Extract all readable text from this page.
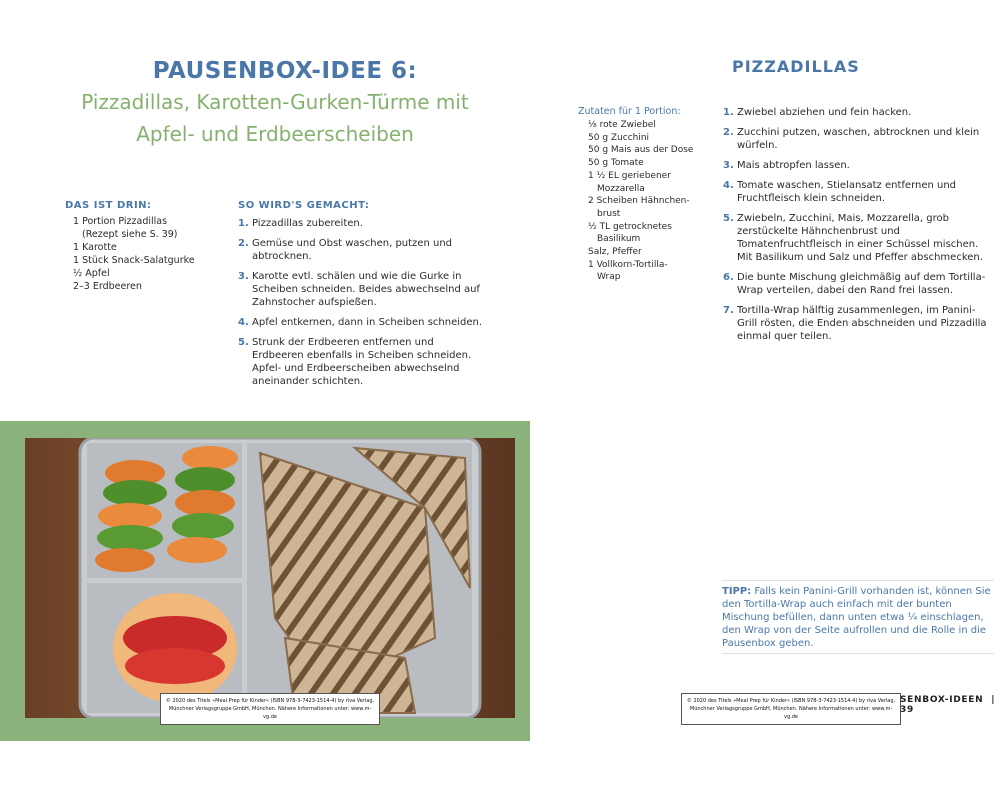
PAUSENBOX-IDEE 6:
Pizzadillas, Karotten-Gurken-Türme mit
Apfel- und Erdbeerscheiben
DAS IST DRIN:
1 Portion Pizzadillas
(Rezept siehe S. 39)
1 Karotte
1 Stück Snack-Salatgurke
½ Apfel
2–3 Erdbeeren
SO WIRD'S GEMACHT:
1. Pizzadillas zubereiten.
2. Gemüse und Obst waschen, putzen und abtrocknen.
3. Karotte evtl. schälen und wie die Gurke in Scheiben schneiden. Beides abwechselnd auf Zahnstocher aufspießen.
4. Apfel entkernen, dann in Scheiben schneiden.
5. Strunk der Erdbeeren entfernen und Erdbeeren ebenfalls in Scheiben schneiden. Apfel- und Erdbeerscheiben abwechselnd aneinander schichten.
© 2020 des Titels »Meal Prep für Kinder« (ISBN 978-3-7423-1514-4) by riva Verlag,
Münchner Verlagsgruppe GmbH, München. Nähere Informationen unter: www.m-vg.de
PIZZADILLAS
Zutaten für 1 Portion:
⅛ rote Zwiebel
50 g Zucchini
50 g Mais aus der Dose
50 g Tomate
1 ½ EL geriebener
Mozzarella
2 Scheiben Hähnchen-
brust
½ TL getrocknetes
Basilikum
Salz, Pfeffer
1 Vollkorn-Tortilla-
Wrap
1. Zwiebel abziehen und fein hacken.
2. Zucchini putzen, waschen, abtrocknen und klein würfeln.
3. Mais abtropfen lassen.
4. Tomate waschen, Stielansatz entfernen und Fruchtfleisch klein schneiden.
5. Zwiebeln, Zucchini, Mais, Mozzarella, grob zerstückelte Hähnchenbrust und Tomatenfruchtfleisch in einer Schüssel mischen. Mit Basilikum und Salz und Pfeffer abschmecken.
6. Die bunte Mischung gleichmäßig auf dem Tortilla-Wrap verteilen, dabei den Rand frei lassen.
7. Tortilla-Wrap hälftig zusammenlegen, im Panini-Grill rösten, die Enden abschneiden und Pizzadilla einmal quer teilen.
TIPP: Falls kein Panini-Grill vorhanden ist, können Sie den Tortilla-Wrap auch einfach mit der bunten Mischung befüllen, dann unten etwa ¼ einschlagen, den Wrap von der Seite aufrollen und die Rolle in die Pausenbox geben.
© 2020 des Titels »Meal Prep für Kinder« (ISBN 978-3-7423-1514-4) by riva Verlag,
Münchner Verlagsgruppe GmbH, München. Nähere Informationen unter: www.m-vg.de
SENBOX-IDEEN | 39
